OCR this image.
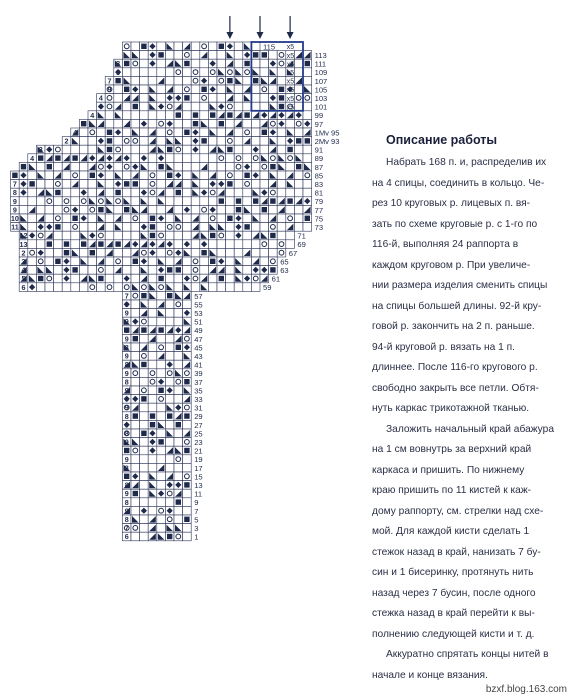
3
5
7
9
4
4
4
4
4
2
3
4
5
6
7
8
9
9
10
11
12
13
2
3
4
5
6
7
8
9
9
8
9
8
9
8
9
8
9
8
9
8
9
8
9
8
9
8
9
8
9
8
9
8
7
6
115
113
111
109
107
105
103
101
99
97
1Мv 95
2Мv 93
91
89
87
85
83
81
79
77
75
73
71
69
67
65
63
61
59
57
55
53
51
49
47
45
43
41
39
37
35
33
31
29
27
25
23
21
19
17
15
13
11
9
7
5
3
1
x5
x5
x5
x5
x5
x5
x5
x5
Описание работы
Набрать 168 п. и, распределив их
на 4 спицы, соединить в кольцо. Че-
рез 10 круговых р. лицевых п. вя-
зать по схеме круговые р. с 1-го по
116-й, выполняя 24 раппорта в
каждом круговом р. При увеличе-
нии размера изделия сменить спицы
на спицы большей длины. 92-й кру-
говой р. закончить на 2 п. раньше.
94-й круговой р. вязать на 1 п.
длиннее. После 116-го кругового р.
свободно закрыть все петли. Обтя-
нуть каркас трикотажной тканью.
Заложить начальный край абажура
на 1 см вовнутрь за верхний край
каркаса и пришить. По нижнему
краю пришить по 11 кистей к каж-
дому раппорту, см. стрелки над схе-
мой. Для каждой кисти сделать 1
стежок назад в край, нанизать 7 бу-
син и 1 бисеринку, протянуть нить
назад через 7 бусин, после одного
стежка назад в край перейти к вы-
полнению следующей кисти и т. д.
Аккуратно спрятать концы нитей в
начале и конце вязания.
bzxf.blog.163.com
